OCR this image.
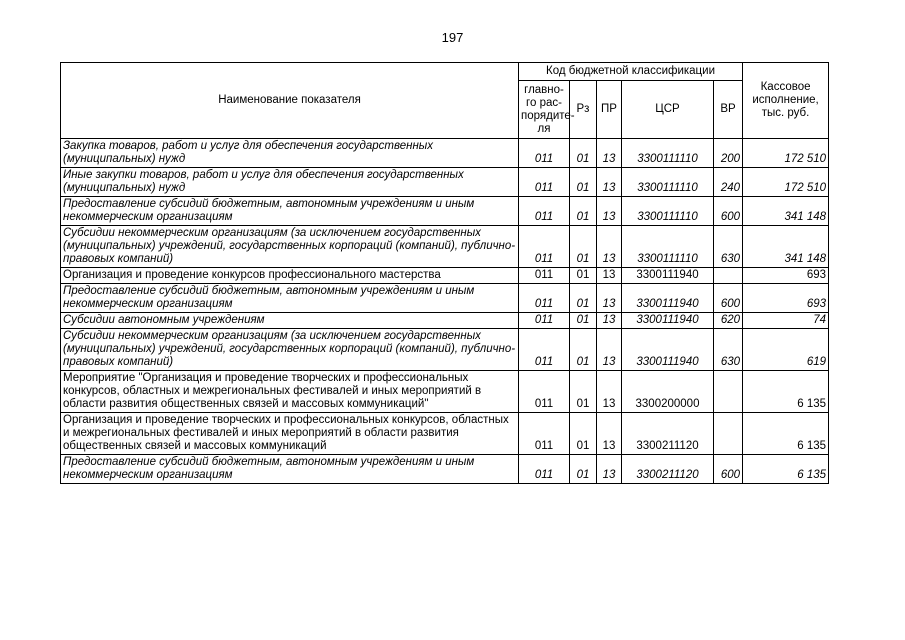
197
Наименование показателя	Код бюджетной классификации					Кассовое исполнение, тыс. руб.
	главно-го рас-порядите-ля	Рз	ПР	ЦСР	ВР	
Закупка товаров, работ и услуг для обеспечения государственных (муниципальных) нужд	011	01	13	3300111110	200	172 510
Иные закупки товаров, работ и услуг для обеспечения государственных (муниципальных) нужд	011	01	13	3300111110	240	172 510
Предоставление субсидий бюджетным, автономным учреждениям и иным некоммерческим организациям	011	01	13	3300111110	600	341 148
Субсидии некоммерческим организациям (за исключением государственных (муниципальных) учреждений, государственных корпораций (компаний), публично-правовых компаний)	011	01	13	3300111110	630	341 148
Организация и проведение конкурсов профессионального мастерства	011	01	13	3300111940		693
Предоставление субсидий бюджетным, автономным учреждениям и иным некоммерческим организациям	011	01	13	3300111940	600	693
Субсидии автономным учреждениям	011	01	13	3300111940	620	74
Субсидии некоммерческим организациям (за исключением государственных (муниципальных) учреждений, государственных корпораций (компаний), публично-правовых компаний)	011	01	13	3300111940	630	619
Мероприятие "Организация и проведение творческих и профессиональных конкурсов, областных и межрегиональных фестивалей и иных мероприятий в области развития общественных связей и массовых коммуникаций"	011	01	13	3300200000		6 135
Организация и проведение творческих и профессиональных конкурсов, областных и межрегиональных фестивалей и иных мероприятий в области развития общественных связей и массовых коммуникаций	011	01	13	3300211120		6 135
Предоставление субсидий бюджетным, автономным учреждениям и иным некоммерческим организациям	011	01	13	3300211120	600	6 135
